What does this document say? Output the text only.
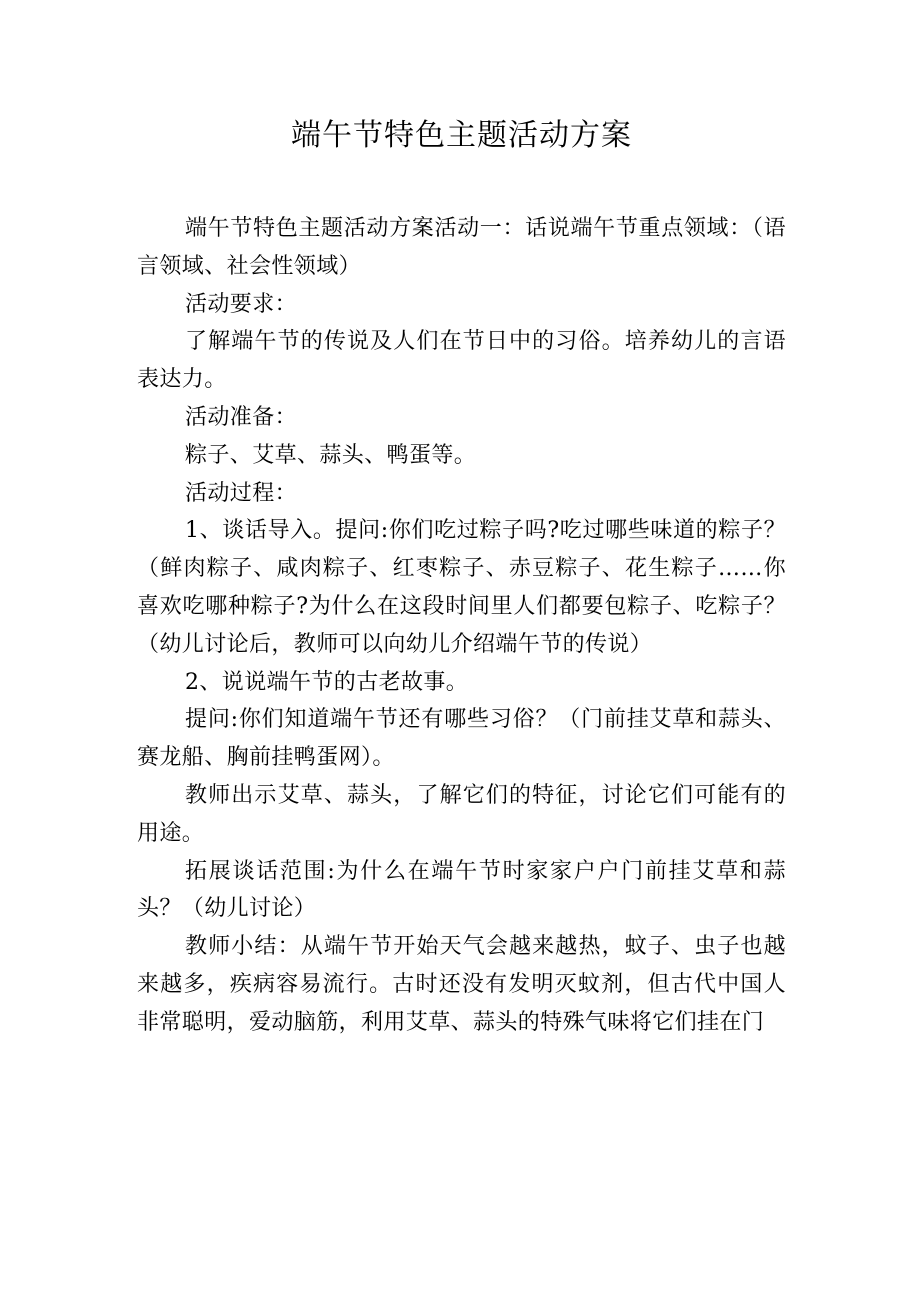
端午节特色主题活动方案

端午节特色主题活动方案活动一：话说端午节重点领域：（语言领域、社会性领域）

活动要求：

了解端午节的传说及人们在节日中的习俗。培养幼儿的言语表达力。

活动准备：

粽子、艾草、蒜头、鸭蛋等。

活动过程：

1、谈话导入。提问:你们吃过粽子吗?吃过哪些味道的粽子？（鲜肉粽子、咸肉粽子、红枣粽子、赤豆粽子、花生粽子……你喜欢吃哪种粽子?为什么在这段时间里人们都要包粽子、吃粽子？（幼儿讨论后，教师可以向幼儿介绍端午节的传说）

2、说说端午节的古老故事。

提问:你们知道端午节还有哪些习俗？（门前挂艾草和蒜头、赛龙船、胸前挂鸭蛋网）。

教师出示艾草、蒜头，了解它们的特征，讨论它们可能有的用途。

拓展谈话范围:为什么在端午节时家家户户门前挂艾草和蒜头？（幼儿讨论）

教师小结：从端午节开始天气会越来越热，蚊子、虫子也越来越多，疾病容易流行。古时还没有发明灭蚊剂，但古代中国人非常聪明，爱动脑筋，利用艾草、蒜头的特殊气味将它们挂在门
